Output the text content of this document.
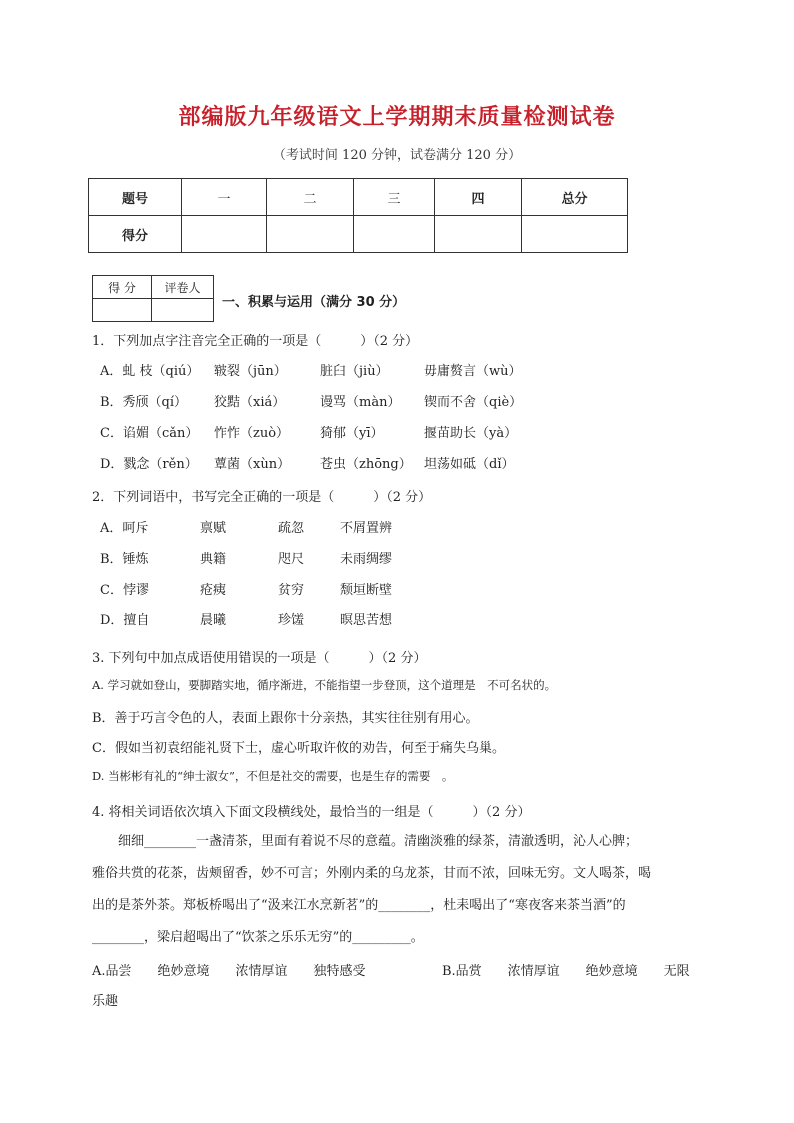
部编版九年级语文上学期期末质量检测试卷
（考试时间 120 分钟，试卷满分 120 分）
题号	一	二	三	四	总分
得分					
得 分	评卷人

一、积累与运用（满分 30 分）
1．下列加点字注音完全正确的一项是（　　　）（2 分）
A．虬 枝（qiú） 皲裂（jūn）	脏臼（jiù）	毋庸赘言（wù）
B．秀颀（qí） 狡黠（xiá）	谩骂（màn） 锲而不舍（qiè）
C．谄媚（cǎn） 怍怍（zuò） 猗郁（yī）	揠苗助长（yà）
D．戮念（rěn） 蕈菌（xùn） 苍虫（zhōng） 坦荡如砥（dǐ）
2．下列词语中，书写完全正确的一项是（　　　）（2 分）
A．呵斥	禀赋	疏忽	不屑置辨
B．锤炼	典籍	咫尺	未雨绸缪
C．悖谬	疮痍	贫穷	颓垣断壁
D．擅自	晨曦	珍馐	暝思苦想
3. 下列句中加点成语使用错误的一项是（　　　）（2 分）
A. 学习就如登山，要脚踏实地，循序渐进，不能指望一步登顶，这个道理是　不可名状的。
B．善于巧言令色的人，表面上跟你十分亲热，其实往往别有用心。
C．假如当初袁绍能礼贤下士，虚心听取许攸的劝告，何至于痛失乌巢。
D. 当彬彬有礼的“绅士淑女”，不但是社交的需要，也是生存的需要　。
4. 将相关词语依次填入下面文段横线处，最恰当的一组是（　　　）（2 分）
　　细细________一盏清茶，里面有着说不尽的意蕴。清幽淡雅的绿茶，清澈透明，沁人心脾；
雅俗共赏的花茶，齿颊留香，妙不可言；外刚内柔的乌龙茶，甘而不浓，回味无穷。文人喝茶，喝
出的是茶外茶。郑板桥喝出了“汲来江水烹新茗”的________，杜耒喝出了“寒夜客来茶当酒”的
________，梁启超喝出了“饮茶之乐乐无穷”的_________。
A.品尝　　绝妙意境　　浓情厚谊　　独特感受	B.品赏　　浓情厚谊　　绝妙意境　　无限
乐趣
